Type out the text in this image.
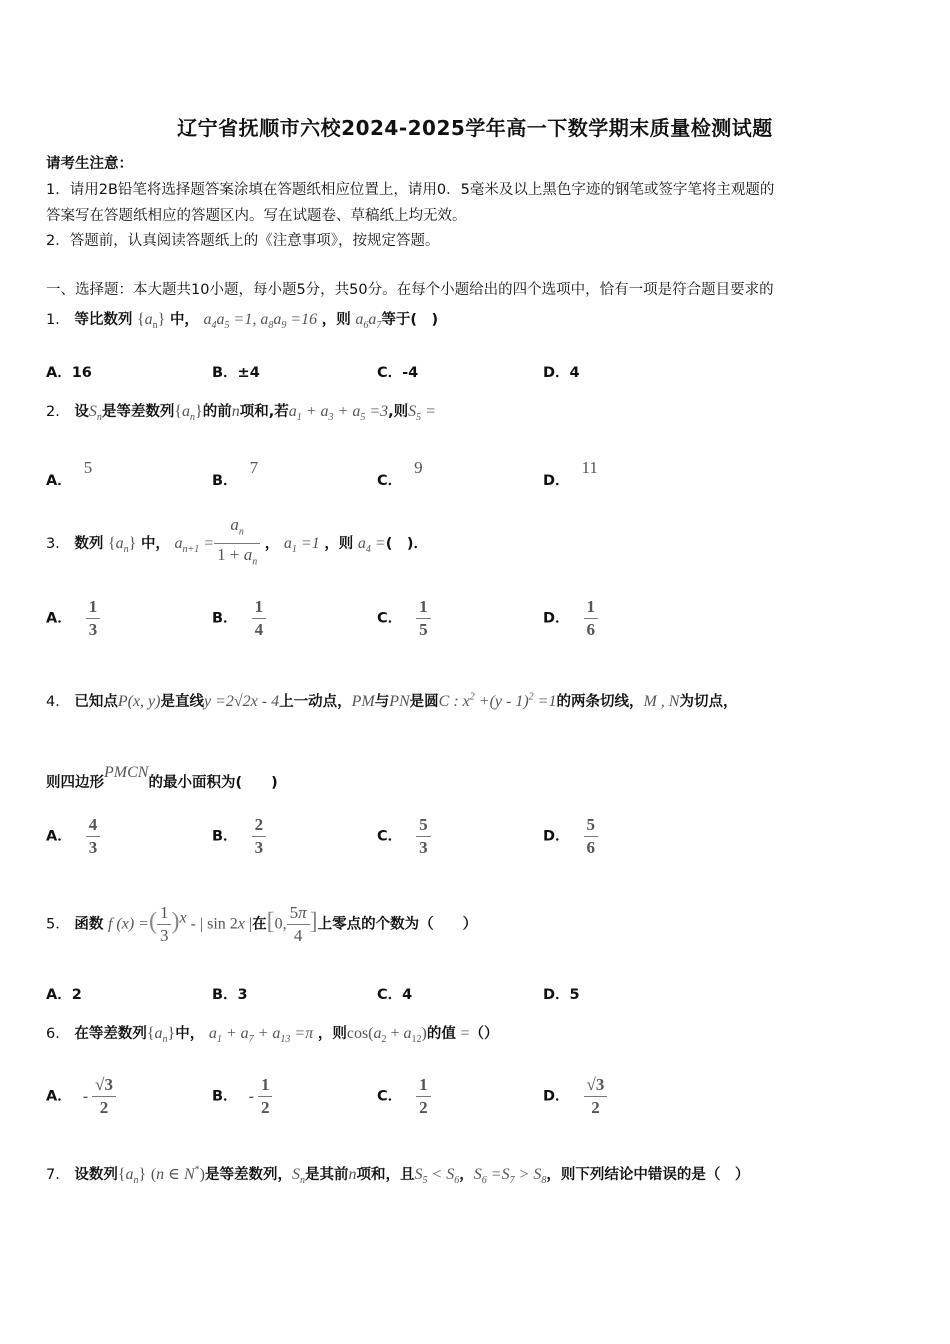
辽宁省抚顺市六校2024-2025学年高一下数学期末质量检测试题
请考生注意：
1．请用2B铅笔将选择题答案涂填在答题纸相应位置上，请用0．5毫米及以上黑色字迹的钢笔或签字笔将主观题的
答案写在答题纸相应的答题区内。写在试题卷、草稿纸上均无效。
2．答题前，认真阅读答题纸上的《注意事项》，按规定答题。
一、选择题：本大题共10小题，每小题5分，共50分。在每个小题给出的四个选项中，恰有一项是符合题目要求的
1． 等比数列 $\{a_n\}$ 中， $a_4a_5 =1$, $a_8a_9 =16$ ，则 $a_6a_7$等于(　)
A．16	B．±4	C．-4	D．4
2． 设$S_n$是等差数列$\{a_n\}$的前n项和,若$a_1 + a_3 + a_5 =3$,则$S_5$ =
A．5
B．7
C．9
D．11
3． 数列 $\{a_n\}$ 中， $a_{n+1} = \frac{a_n}{1 + a_n}$ ， $a_1 =1$ ，则 $a_4$ =(　)．
A． $\frac{1}{3}$	B． $\frac{1}{4}$	C． $\frac{1}{5}$	D． $\frac{1}{6}$
4． 已知点P(x, y)是直线y =2√2x - 4上一动点，PM与PN是圆C : $x^2 +(y - 1)^2 =1$的两条切线，M , N为切点，
则四边形PMCN的最小面积为(　　)
A． $\frac{4}{3}$	B． $\frac{2}{3}$	C． $\frac{5}{3}$	D． $\frac{5}{6}$
5． 函数 f (x) =( $\frac{1}{3} )^x$ - | sin 2x |在[0, $\frac{5\pi}{4}$ ]上零点的个数为（　　）
A．2	B．3	C．4	D．5
6． 在等差数列$\{a_n\}$中， $a_1 + a_7 + a_{13} =\pi$ ，则$\cos(a_2 + a_{12})$的值 =（）
A． - $\frac{√3}{2}$	B． - $\frac{1}{2}$	C． $\frac{1}{2}$	D． $\frac{√3}{2}$
7． 设数列$\{a_n\}$ (n ∈ N*)是等差数列，$S_n$是其前n项和，且$S_5 < S_6$，$S_6 =S_7 > S_8$，则下列结论中错误的是（　）
